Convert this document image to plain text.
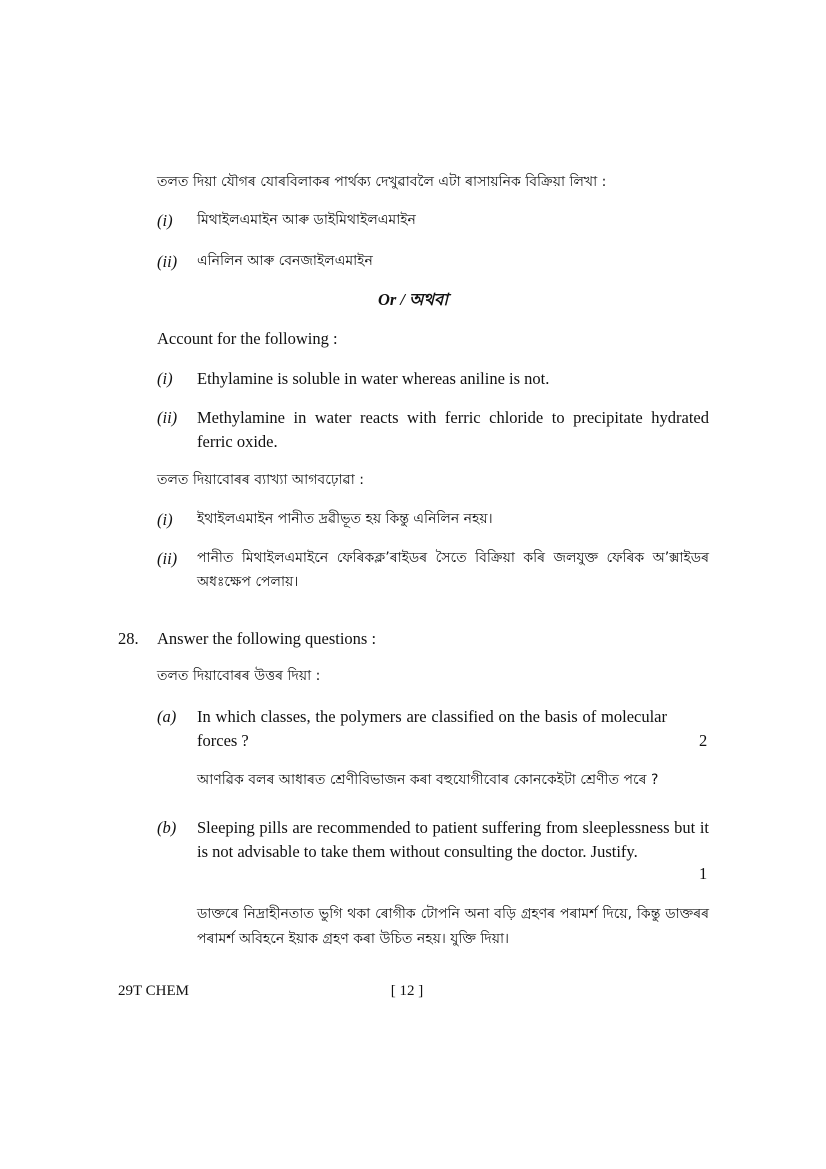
তলত দিয়া যৌগৰ যোৰবিলাকৰ পাৰ্থক্য দেখুৱাবলৈ এটা ৰাসায়নিক বিক্ৰিয়া লিখা :
(i) মিথাইলএমাইন আৰু ডাইমিথাইলএমাইন
(ii) এনিলিন আৰু বেনজাইলএমাইন
Or / অথবা
Account for the following :
(i) Ethylamine is soluble in water whereas aniline is not.
(ii) Methylamine in water reacts with ferric chloride to precipitate hydrated ferric oxide.
তলত দিয়াবোৰৰ ব্যাখ্যা আগবঢ়োৱা :
(i) ইথাইলএমাইন পানীত দ্ৰৱীভূত হয় কিন্তু এনিলিন নহয়।
(ii) পানীত মিথাইলএমাইনে ফেৰিকক্ল’ৰাইডৰ সৈতে বিক্ৰিয়া কৰি জলযুক্ত ফেৰিক অ’ক্সাইডৰ অধঃক্ষেপ পেলায়।
28. Answer the following questions :
তলত দিয়াবোৰৰ উত্তৰ দিয়া :
(a) In which classes, the polymers are classified on the basis of molecular forces ?	2
আণৱিক বলৰ আধাৰত শ্ৰেণীবিভাজন কৰা বহুযোগীবোৰ কোনকেইটা শ্ৰেণীত পৰে ?
(b) Sleeping pills are recommended to patient suffering from sleeplessness but it is not advisable to take them without consulting the doctor. Justify.
1
ডাক্তৰে নিদ্ৰাহীনতাত ভুগি থকা ৰোগীক টোপনি অনা বড়ি গ্ৰহণৰ পৰামৰ্শ দিয়ে, কিন্তু ডাক্তৰৰ পৰামৰ্শ অবিহনে ইয়াক গ্ৰহণ কৰা উচিত নহয়। যুক্তি দিয়া।
29T CHEM	[ 12 ]
